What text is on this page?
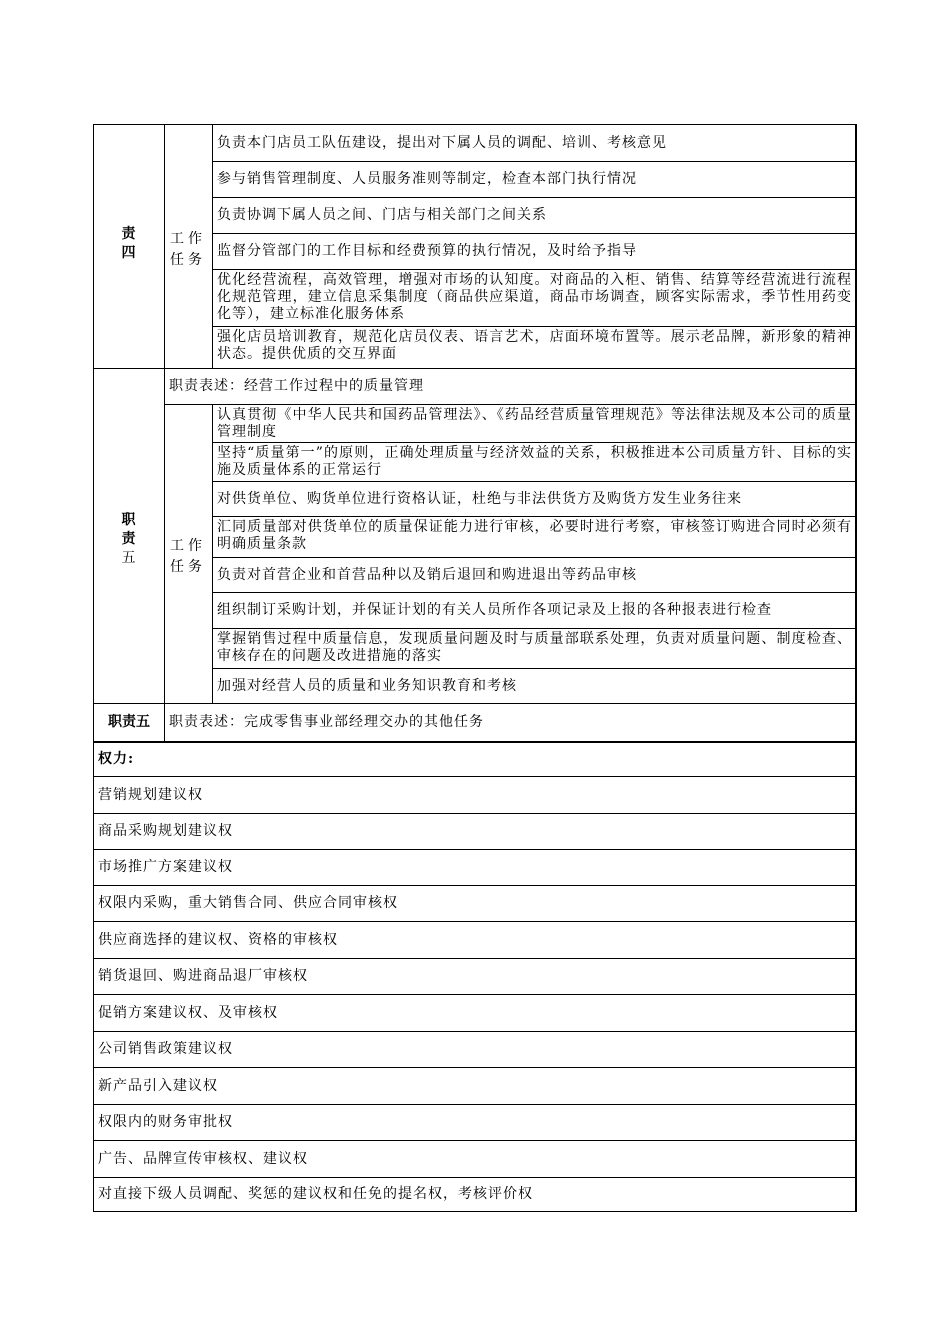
责
四
工作
任务
负责本门店员工队伍建设，提出对下属人员的调配、培训、考核意见
参与销售管理制度、人员服务准则等制定，检查本部门执行情况
负责协调下属人员之间、门店与相关部门之间关系
监督分管部门的工作目标和经费预算的执行情况，及时给予指导
优化经营流程，高效管理，增强对市场的认知度。对商品的入柜、销售、结算等经营流进行流程化规范管理，建立信息采集制度（商品供应渠道，商品市场调查，顾客实际需求，季节性用药变化等），建立标准化服务体系
强化店员培训教育，规范化店员仪表、语言艺术，店面环境布置等。展示老品牌，新形象的精神状态。提供优质的交互界面
职责表述：经营工作过程中的质量管理
职
责
五
工作
任务
认真贯彻《中华人民共和国药品管理法》、《药品经营质量管理规范》等法律法规及本公司的质量管理制度
坚持“质量第一”的原则，正确处理质量与经济效益的关系，积极推进本公司质量方针、目标的实施及质量体系的正常运行
对供货单位、购货单位进行资格认证，杜绝与非法供货方及购货方发生业务往来
汇同质量部对供货单位的质量保证能力进行审核，必要时进行考察，审核签订购进合同时必须有明确质量条款
负责对首营企业和首营品种以及销后退回和购进退出等药品审核
组织制订采购计划，并保证计划的有关人员所作各项记录及上报的各种报表进行检查
掌握销售过程中质量信息，发现质量问题及时与质量部联系处理，负责对质量问题、制度检查、审核存在的问题及改进措施的落实
加强对经营人员的质量和业务知识教育和考核
职责五	职责表述：完成零售事业部经理交办的其他任务
权力:
营销规划建议权
商品采购规划建议权
市场推广方案建议权
权限内采购，重大销售合同、供应合同审核权
供应商选择的建议权、资格的审核权
销货退回、购进商品退厂审核权
促销方案建议权、及审核权
公司销售政策建议权
新产品引入建议权
权限内的财务审批权
广告、品牌宣传审核权、建议权
对直接下级人员调配、奖惩的建议权和任免的提名权，考核评价权
